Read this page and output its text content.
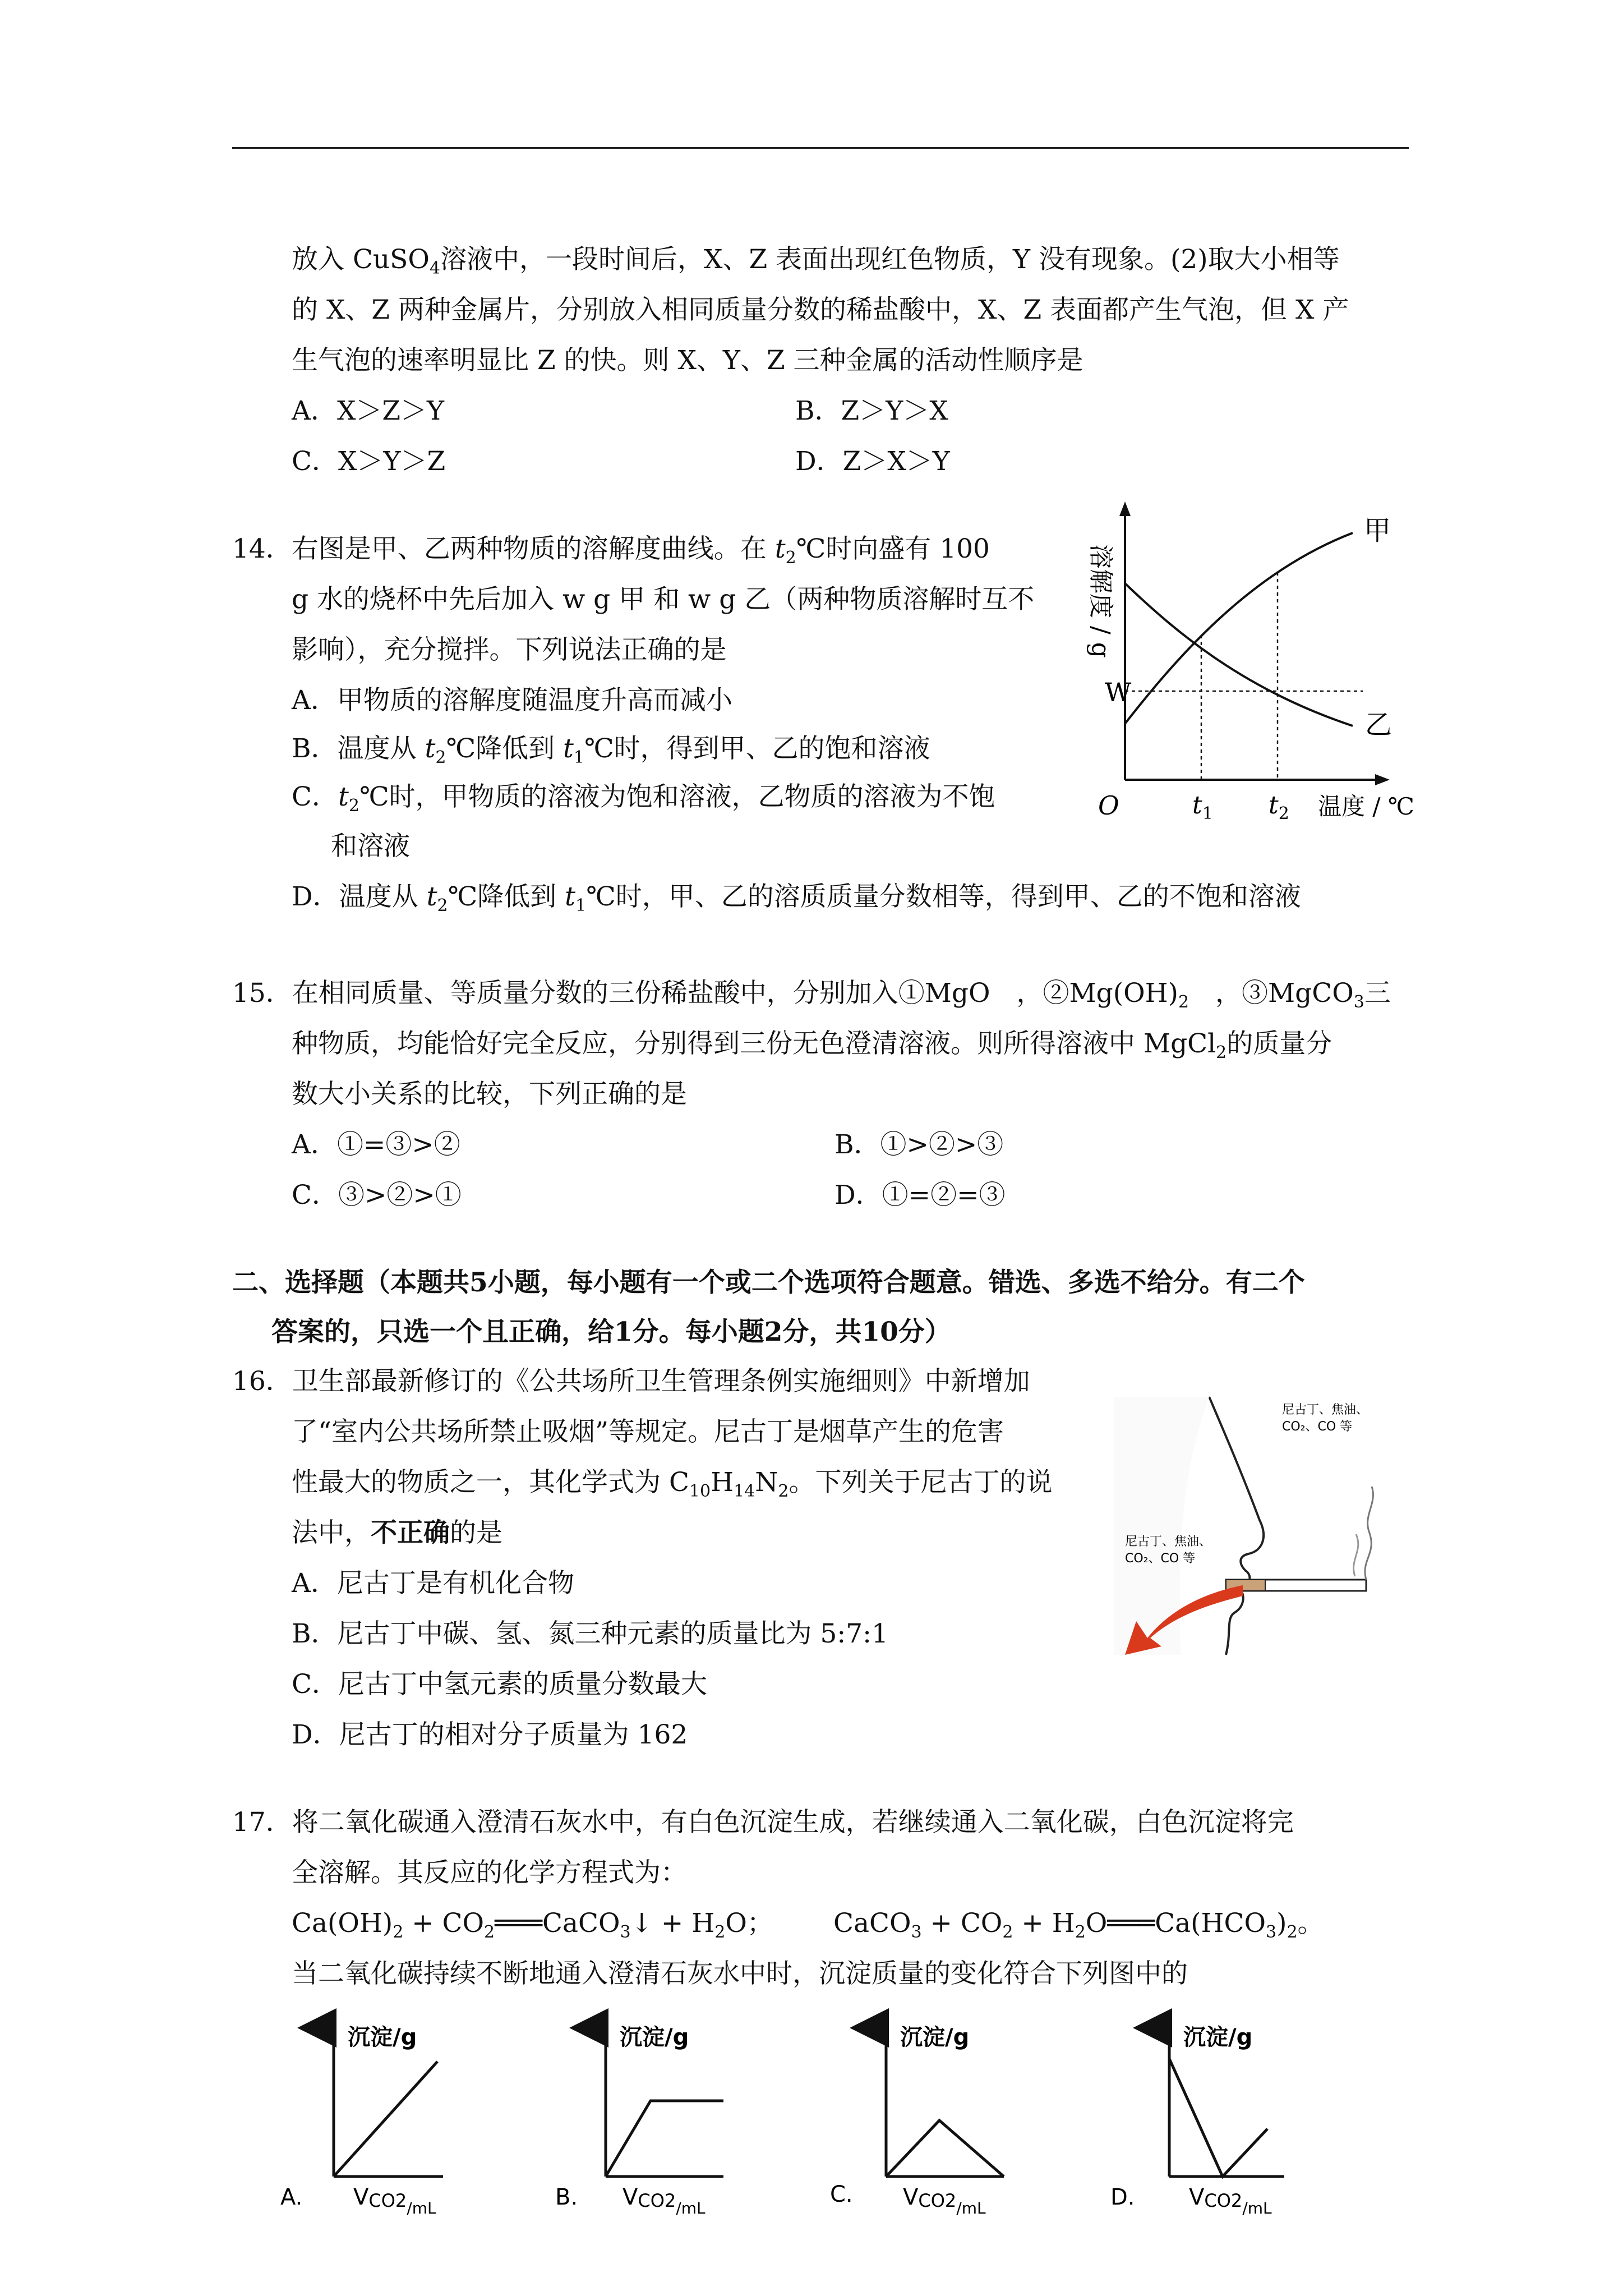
放入 CuSO$_4$溶液中，一段时间后，X、Z 表面出现红色物质，Y 没有现象。(2)取大小相等
的 X、Z 两种金属片，分别放入相同质量分数的稀盐酸中，X、Z 表面都产生气泡，但 X 产
生气泡的速率明显比 Z 的快。则 X、Y、Z 三种金属的活动性顺序是
A．X＞Z＞Y	B．Z＞Y＞X
C．X＞Y＞Z	D．Z＞X＞Y
14．右图是甲、乙两种物质的溶解度曲线。在 $t_2℃$时向盛有 100
g 水的烧杯中先后加入 w g 甲 和 w g 乙（两种物质溶解时互不
影响），充分搅拌。下列说法正确的是
A．甲物质的溶解度随温度升高而减小
B．温度从 $t_2℃$降低到 $t_1℃$时，得到甲、乙的饱和溶液
C．$t_2℃$时，甲物质的溶液为饱和溶液，乙物质的溶液为不饱
和溶液
D．温度从 $t_2℃$降低到 $t_1℃$时，甲、乙的溶质质量分数相等，得到甲、乙的不饱和溶液
溶解度 / g
W
O	$t_1$ $t_2$ 温度 / ℃
甲
乙
15．在相同质量、等质量分数的三份稀盐酸中，分别加入①MgO　，$②Mg(OH)_2$　，③MgCO$_3$三
种物质，均能恰好完全反应，分别得到三份无色澄清溶液。则所得溶液中 MgCl$_2$的质量分
数大小关系的比较，下列正确的是
A．①=③>②	B．①>②>③
C．③>②>①	D．①=②=③
二、选择题（本题共5小题，每小题有一个或二个选项符合题意。错选、多选不给分。有二个
答案的，只选一个且正确，给1分。每小题2分，共10分）
16．卫生部最新修订的《公共场所卫生管理条例实施细则》中新增加
了“室内公共场所禁止吸烟”等规定。尼古丁是烟草产生的危害
性最大的物质之一，其化学式为 $C_{10}H_{14}N_2$。下列关于尼古丁的说
法中，不正确的是
A．尼古丁是有机化合物
B．尼古丁中碳、氢、氮三种元素的质量比为 5:7:1
C．尼古丁中氢元素的质量分数最大
D．尼古丁的相对分子质量为 162
尼古丁、焦油、
CO₂、CO 等
尼古丁、焦油、
CO₂、CO 等
17．将二氧化碳通入澄清石灰水中，有白色沉淀生成，若继续通入二氧化碳，白色沉淀将完
全溶解。其反应的化学方程式为：
$Ca(OH)_2$ + $CO_2═══CaCO_3↓ + H_2O$； CaCO$_3$ + $CO_2$ + $H_2O═══Ca(HCO_3)_2$。
当二氧化碳持续不断地通入澄清石灰水中时，沉淀质量的变化符合下列图中的
沉淀/g
A. $VCO2_{/mL}$
沉淀/g
B. $VCO2_{/mL}$
沉淀/g
C. $VCO2_{/mL}$
沉淀/g
D. $VCO2_{/mL}$
